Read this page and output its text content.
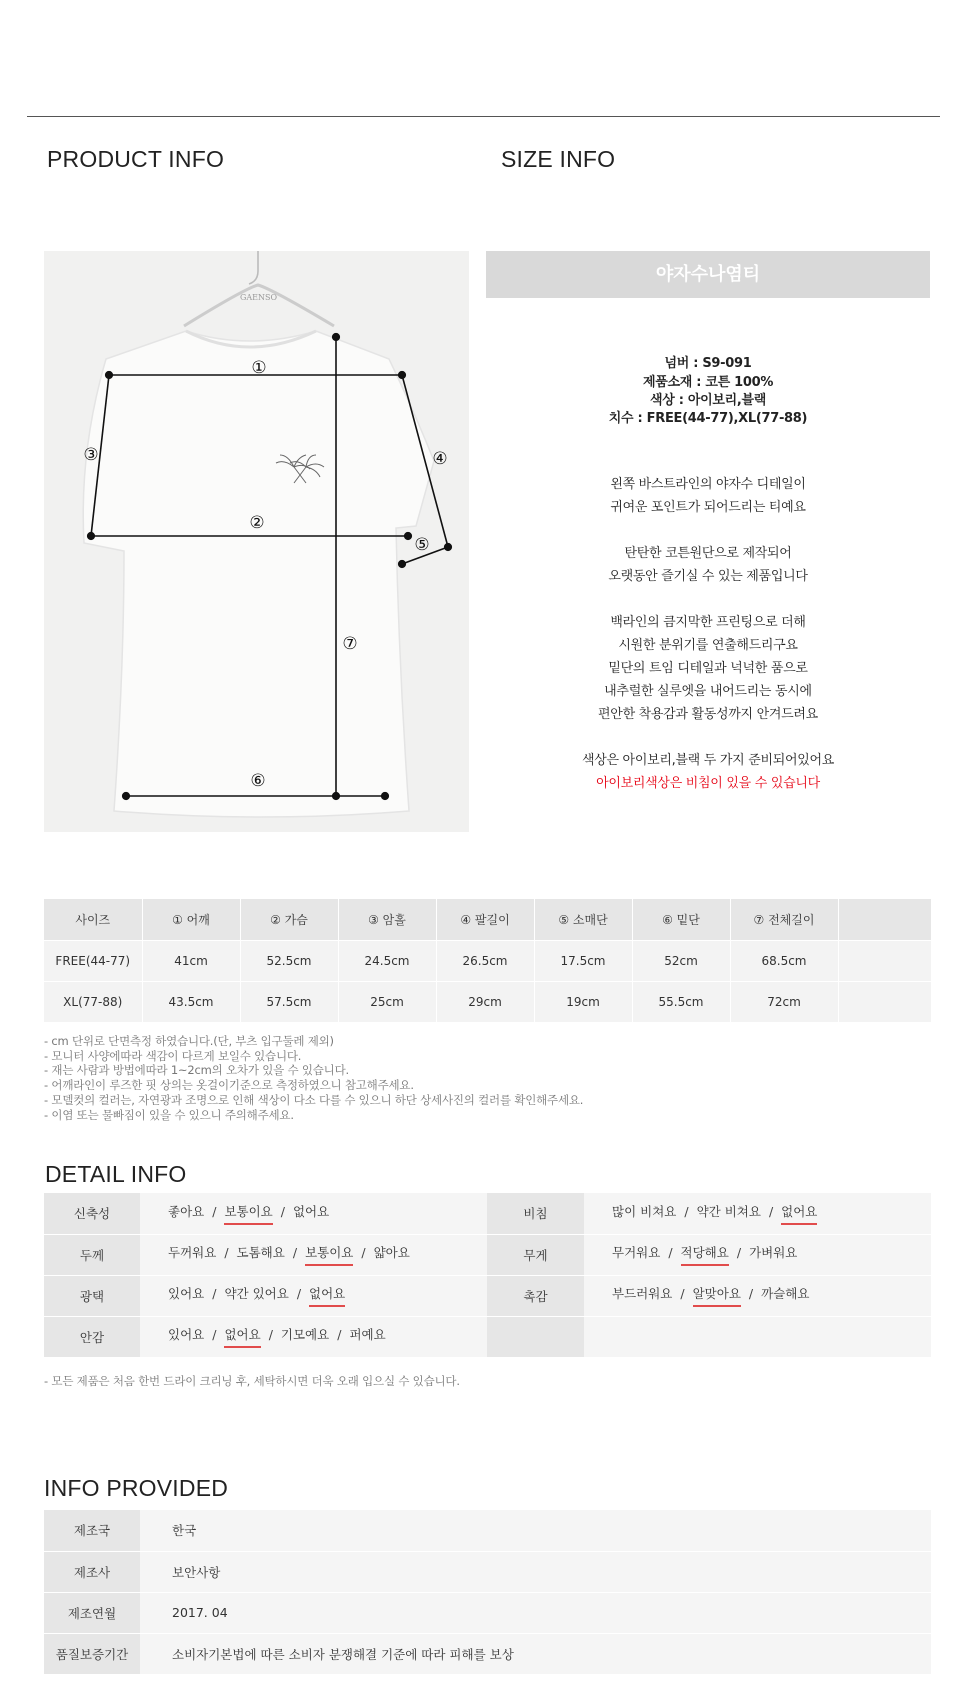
PRODUCT INFO	SIZE INFO
GAENSO
①
②
③	④
⑤
⑥
⑦
야자수나염티
넘버 : S9-091
제품소재 : 코튼 100%
색상 : 아이보리,블랙
치수 : FREE(44-77),XL(77-88)
왼쪽 바스트라인의 야자수 디테일이
귀여운 포인트가 되어드리는 티예요
탄탄한 코튼원단으로 제작되어
오랫동안 즐기실 수 있는 제품입니다
백라인의 큼지막한 프린팅으로 더해
시원한 분위기를 연출해드리구요
밑단의 트임 디테일과 넉넉한 품으로
내추럴한 실루엣을 내어드리는 동시에
편안한 착용감과 활동성까지 안겨드려요
색상은 아이보리,블랙 두 가지 준비되어있어요
아이보리색상은 비침이 있을 수 있습니다
사이즈	① 어깨	② 가슴	③ 암홀	④ 팔길이	⑤ 소매단	⑥ 밑단	⑦ 전체길이	
FREE(44-77)	41cm	52.5cm	24.5cm	26.5cm	17.5cm	52cm	68.5cm	
XL(77-88)	43.5cm	57.5cm	25cm	29cm	19cm	55.5cm	72cm	
- cm 단위로 단면측정 하였습니다.(단, 부츠 입구둘레 제외)
- 모니터 사양에따라 색감이 다르게 보일수 있습니다.
- 재는 사람과 방법에따라 1~2cm의 오차가 있을 수 있습니다.
- 어깨라인이 루즈한 핏 상의는 옷걸이기준으로 측정하였으니 참고해주세요.
- 모델컷의 컬러는, 자연광과 조명으로 인해 색상이 다소 다를 수 있으니 하단 상세사진의 컬러를 확인해주세요.
- 이염 또는 물빠짐이 있을 수 있으니 주의해주세요.
DETAIL INFO
신축성	좋아요 / 보통이요 / 없어요	비침	많이 비쳐요 / 약간 비쳐요 / 없어요
두께	두꺼워요 / 도톰해요 / 보통이요 / 얇아요	무게	무거워요 / 적당해요 / 가벼워요
광택	있어요 / 약간 있어요 / 없어요	촉감	부드러워요 / 알맞아요 / 까슬해요
안감	있어요 / 없어요 / 기모예요 / 퍼예요		
- 모든 제품은 처음 한번 드라이 크리닝 후, 세탁하시면 더욱 오래 입으실 수 있습니다.
INFO PROVIDED
제조국	한국
제조사	보안사항
제조연월	2017. 04
품질보증기간	소비자기본법에 따른 소비자 분쟁해결 기준에 따라 피해를 보상
